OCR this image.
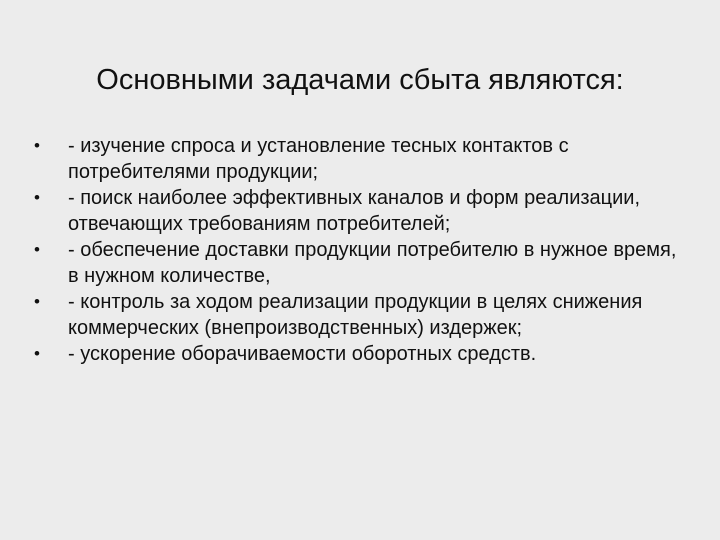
Основными задачами сбыта являются:
•	- изучение спроса и установление тесных контактов с потребителями продукции;
•	- поиск наиболее эффективных каналов и форм реализации, отвечающих требованиям потребителей;
•	- обеспечение доставки продукции потребителю в нужное время, в нужном количестве,
•	- контроль за ходом реализации продукции в целях снижения коммерческих (внепроизводственных) издержек;
•	- ускорение оборачиваемости оборотных средств.
